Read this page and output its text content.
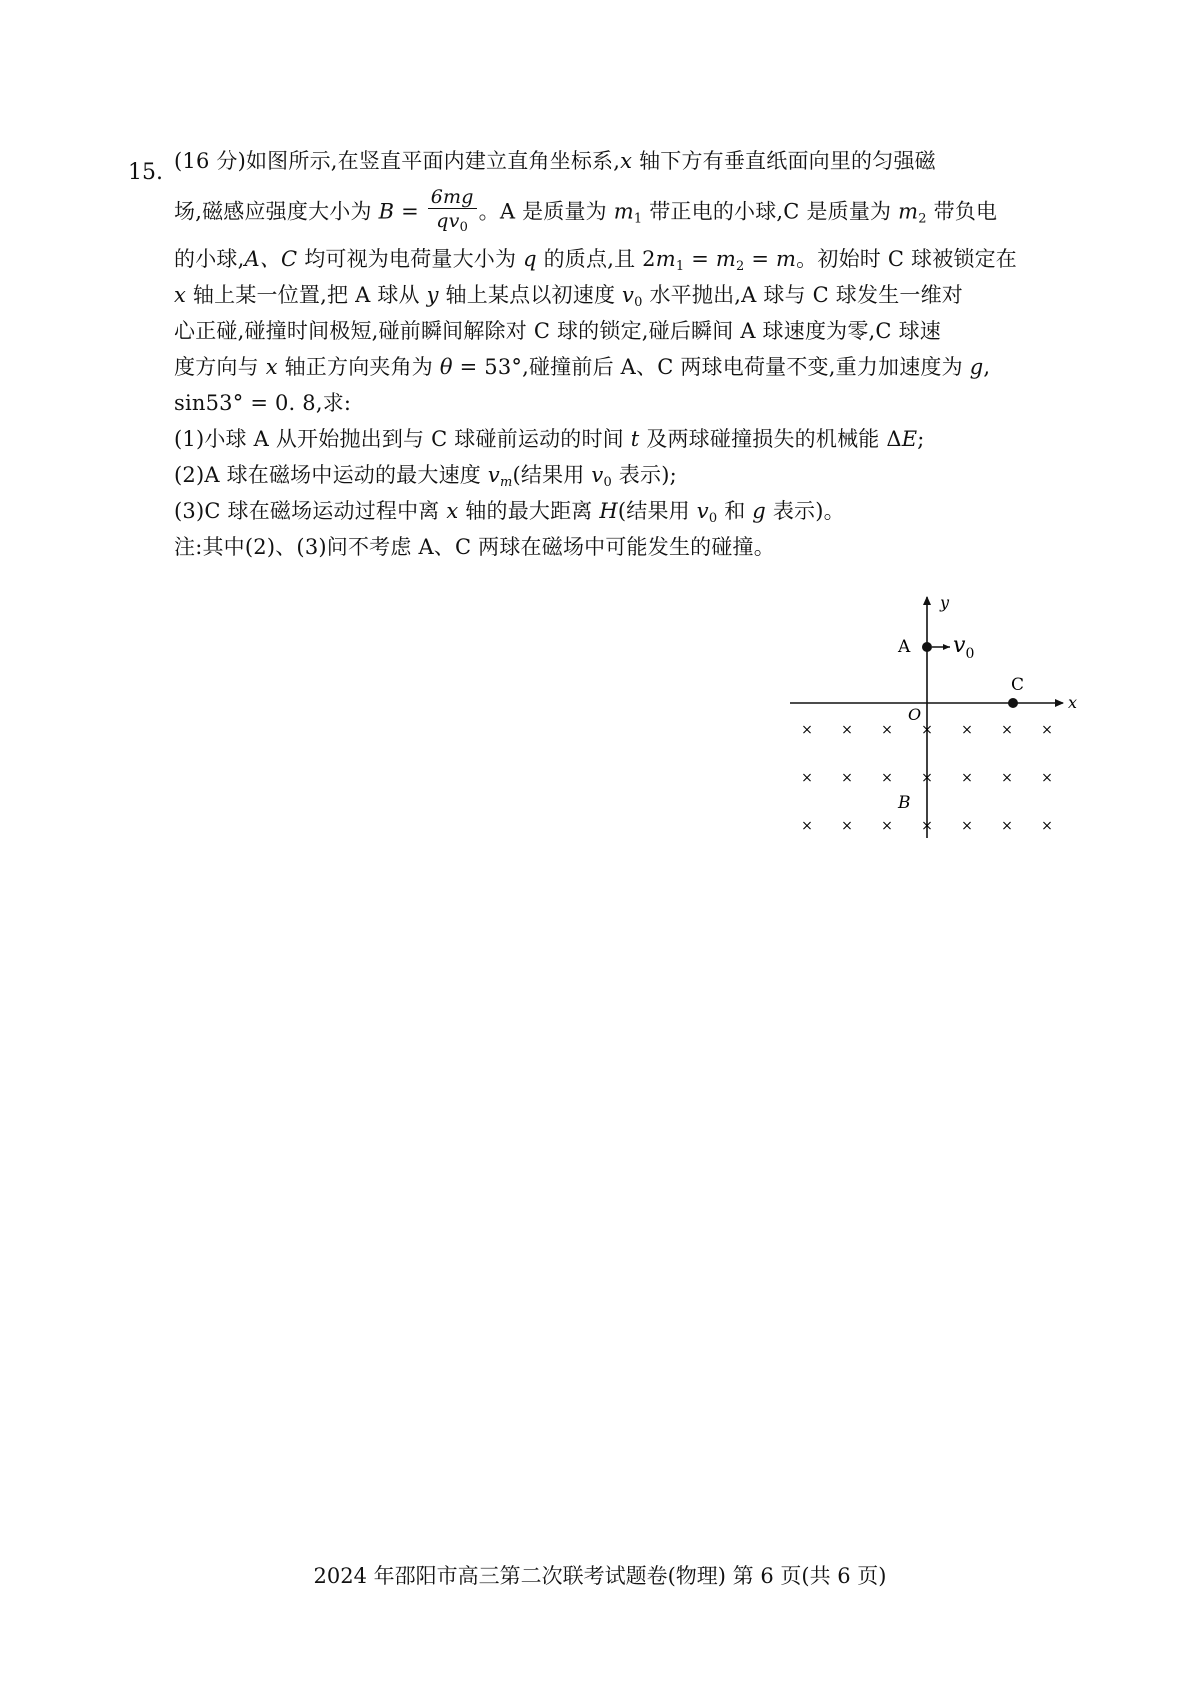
15. (16 分)如图所示,在竖直平面内建立直角坐标系,x 轴下方有垂直纸面向里的匀强磁
场,磁感应强度大小为 $B = \frac{6mg}{qv_0}$ 。A 是质量为 $m_1$ 带正电的小球,C 是质量为 $m_2$ 带负电
的小球,A、C 均可视为电荷量大小为 q 的质点,且 $2m_1 = m_2 = m$。初始时 C 球被锁定在
x 轴上某一位置,把 A 球从 y 轴上某点以初速度 $v_0$ 水平抛出,A 球与 C 球发生一维对
心正碰,碰撞时间极短,碰前瞬间解除对 C 球的锁定,碰后瞬间 A 球速度为零,C 球速
度方向与 x 轴正方向夹角为 θ = 53°,碰撞前后 A、C 两球电荷量不变,重力加速度为 g,
sin53° = 0. 8,求:
(1)小球 A 从开始抛出到与 C 球碰前运动的时间 t 及两球碰撞损失的机械能 ΔE;
(2)A 球在磁场中运动的最大速度 $v_m$(结果用 $v_0$ 表示);
(3)C 球在磁场运动过程中离 x 轴的最大距离 H(结果用 $v_0$ 和 g 表示)。
注:其中(2)、(3)问不考虑 A、C 两球在磁场中可能发生的碰撞。
y
x
O
A $v_0$
C
B
× × × × × × ×
× × × × × × ×
× × × × × × ×
2024 年邵阳市高三第二次联考试题卷(物理) 第 6 页(共 6 页)
